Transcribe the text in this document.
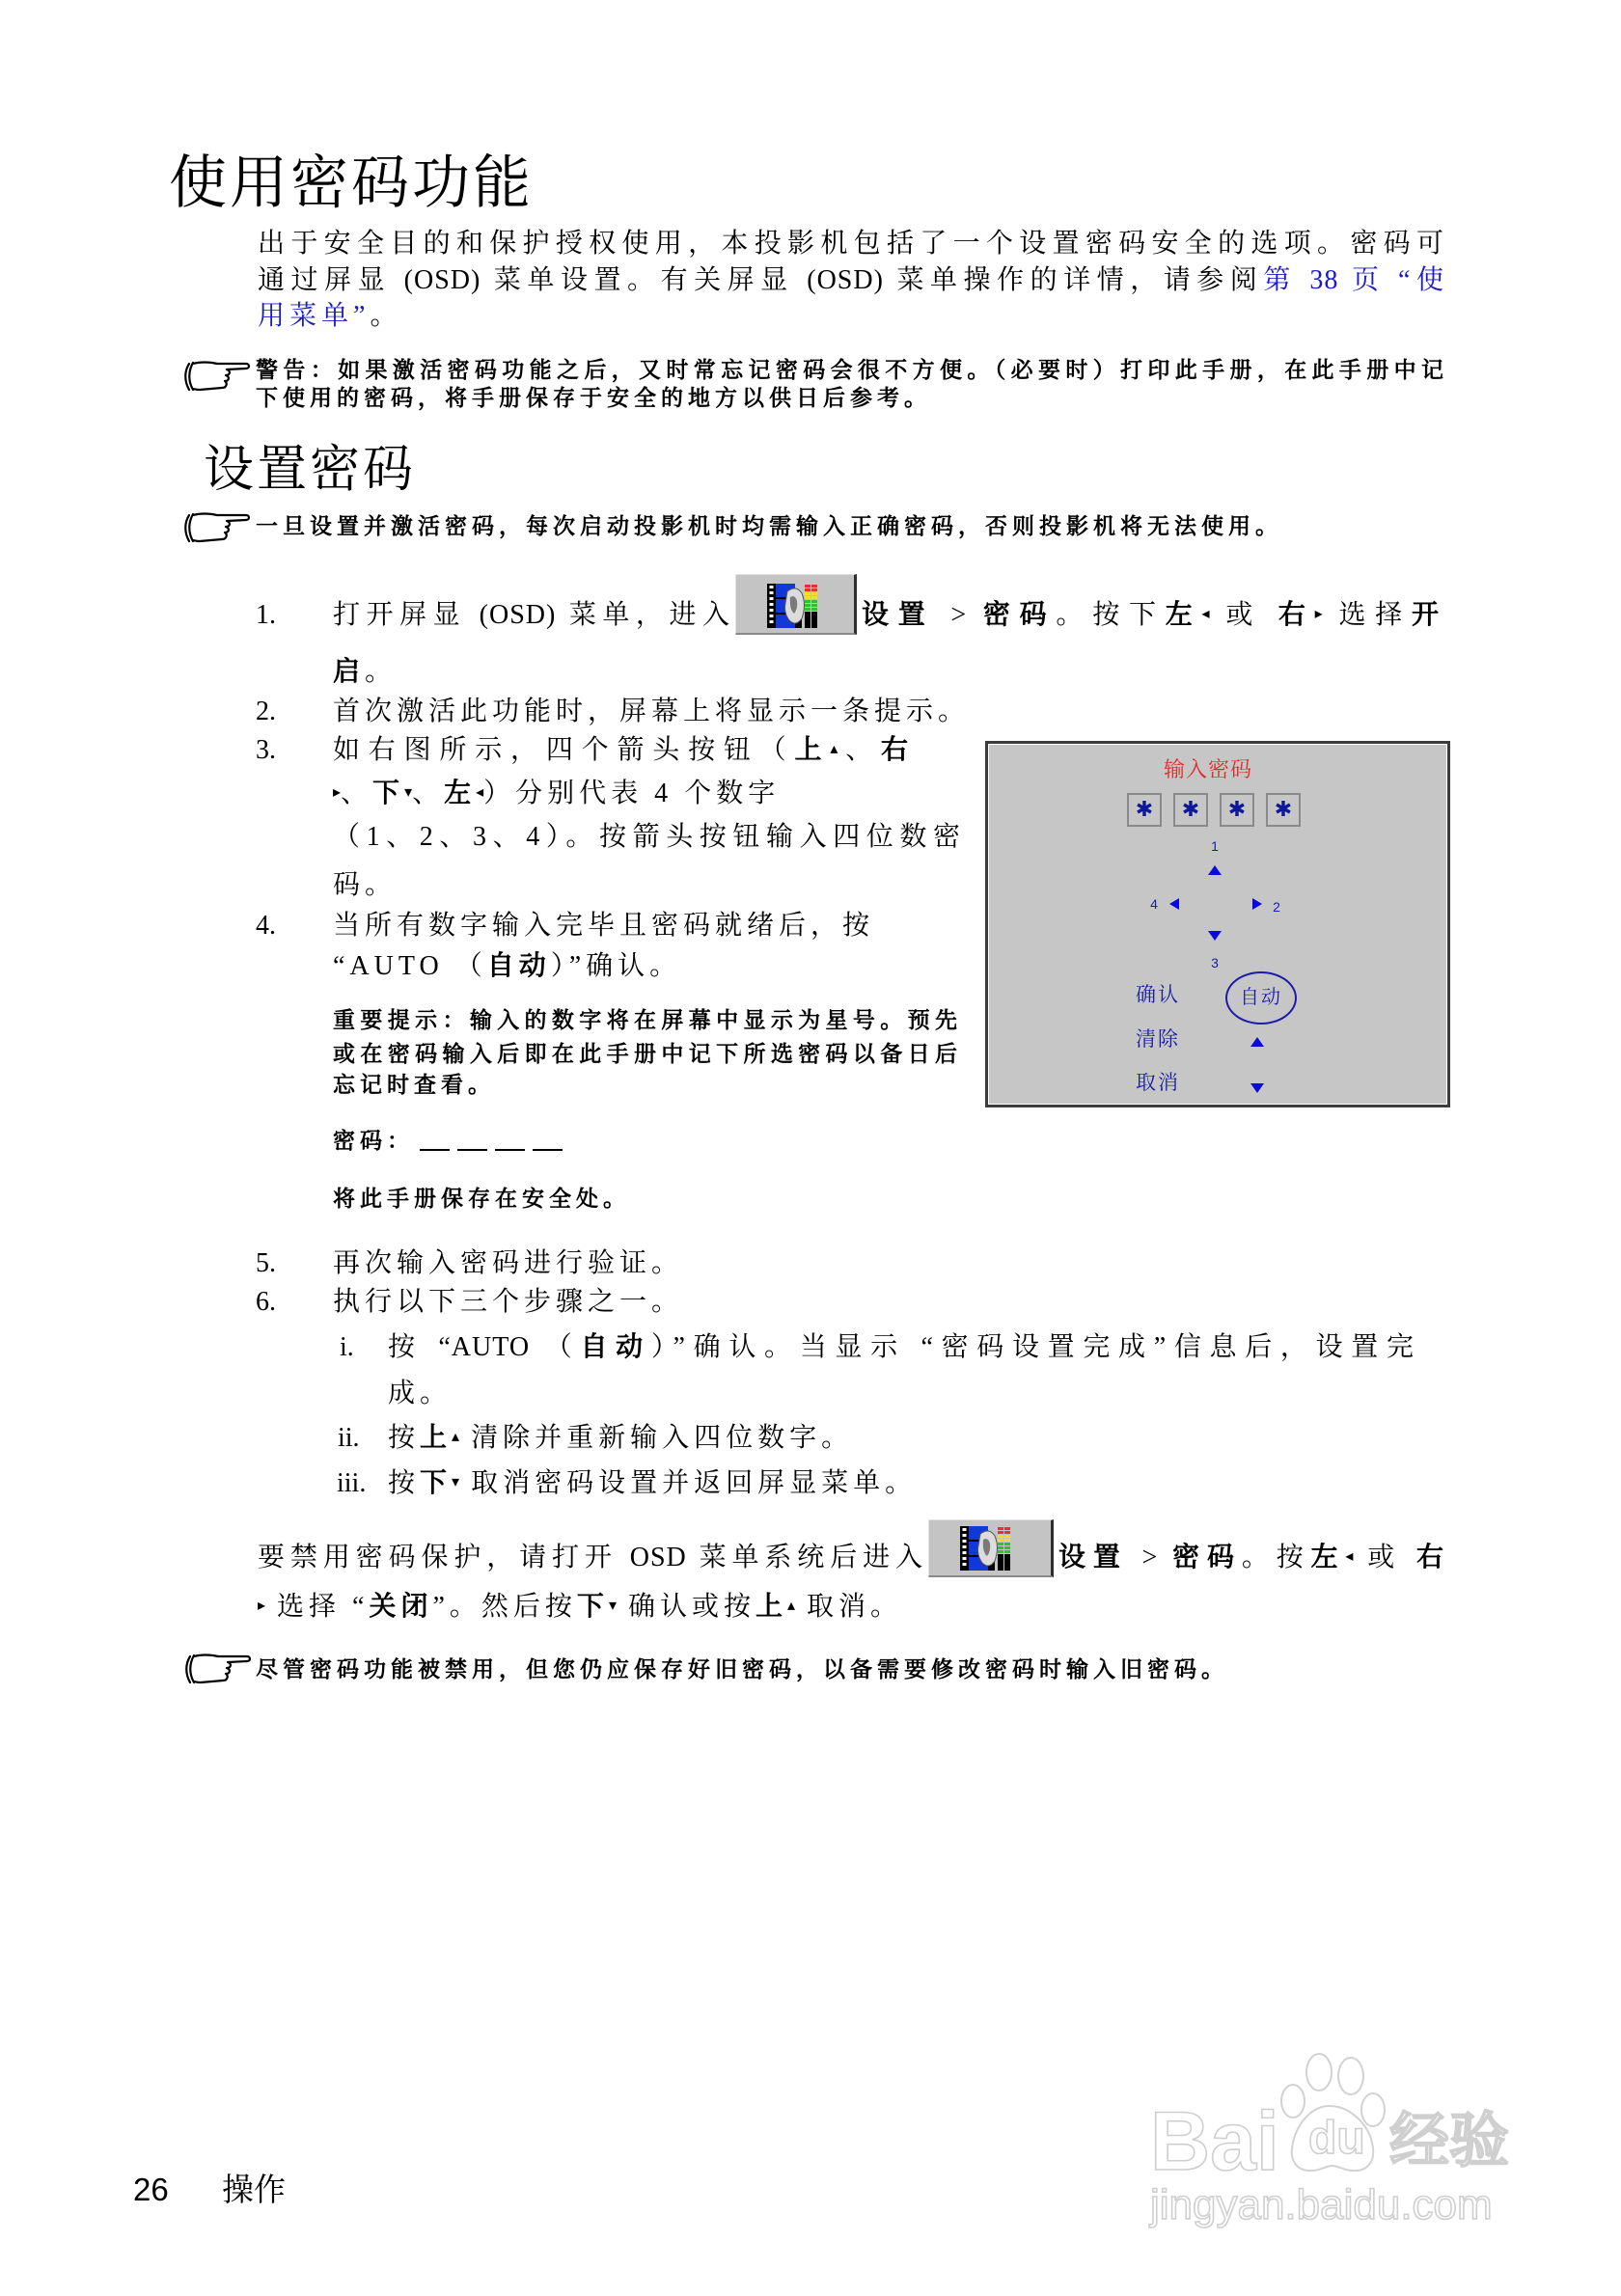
使用密码功能
出于安全目的和保护授权使用，本投影机包括了一个设置密码安全的选项。密码可
通过屏显 (OSD) 菜单设置。有关屏显 (OSD) 菜单操作的详情，请参阅第 38 页 “使
用菜单”。
警告：如果激活密码功能之后，又时常忘记密码会很不方便。（必要时）打印此手册，在此手册中记
下使用的密码，将手册保存于安全的地方以供日后参考。
设置密码
一旦设置并激活密码，每次启动投影机时均需输入正确密码，否则投影机将无法使用。
1. 打开屏显 (OSD) 菜单，进入	设置 > 密码。按下左◂ 或 右▸ 选择开
启。
2. 首次激活此功能时，屏幕上将显示一条提示。
3. 如右图所示，四个箭头按钮（上▴、右
▸、下▾、左◂）分别代表 4 个数字
（1、2、3、4）。按箭头按钮输入四位数密
码。
4. 当所有数字输入完毕且密码就绪后，按
“AUTO （自动）”确认。
重要提示：输入的数字将在屏幕中显示为星号。预先
或在密码输入后即在此手册中记下所选密码以备日后
忘记时查看。
密码：
将此手册保存在安全处。
5. 再次输入密码进行验证。
6. 执行以下三个步骤之一。
i. 按 “AUTO （自动）”确认。当显示 “密码设置完成”信息后，设置完
成。
ii. 按上▴ 清除并重新输入四位数字。
iii. 按下▾ 取消密码设置并返回屏显菜单。
要禁用密码保护，请打开 OSD 菜单系统后进入	设置 > 密码。按左◂ 或 右
▸ 选择 “关闭”。然后按下▾ 确认或按上▴ 取消。
尽管密码功能被禁用，但您仍应保存好旧密码，以备需要修改密码时输入旧密码。
输入密码
✱	✱	✱	✱
1
4	2
3
确认	自动
清除
取消
26 操作
Bai du 经验
jingyan.baidu.com
